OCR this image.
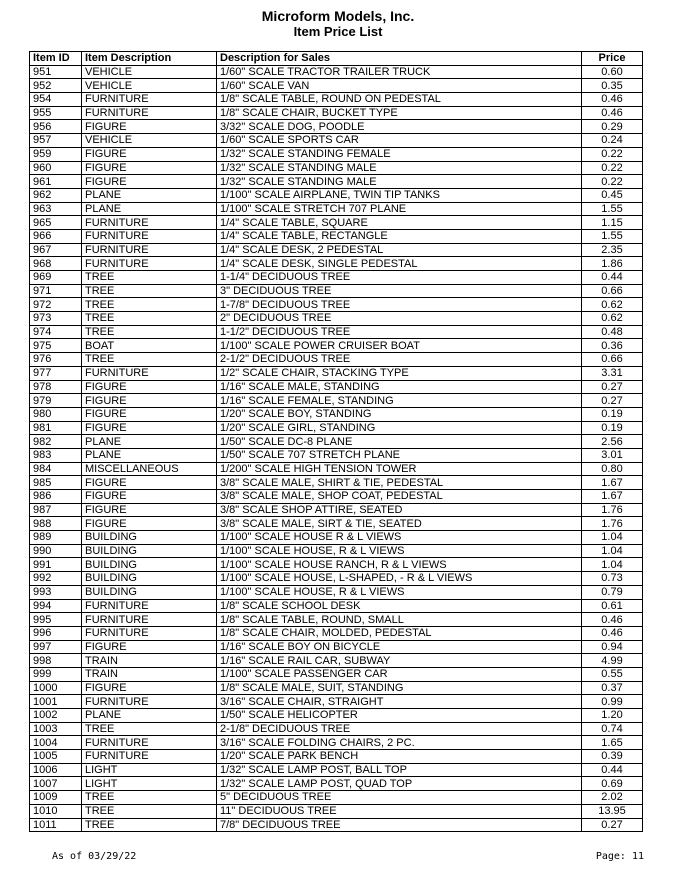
Microform Models, Inc.
Item Price List
Item ID	Item Description	Description for Sales	Price
951	VEHICLE	1/60" SCALE TRACTOR TRAILER TRUCK	0.60
952	VEHICLE	1/60" SCALE VAN	0.35
954	FURNITURE	1/8" SCALE TABLE, ROUND ON PEDESTAL	0.46
955	FURNITURE	1/8" SCALE CHAIR, BUCKET TYPE	0.46
956	FIGURE	3/32" SCALE DOG, POODLE	0.29
957	VEHICLE	1/60" SCALE SPORTS CAR	0.24
959	FIGURE	1/32" SCALE STANDING FEMALE	0.22
960	FIGURE	1/32" SCALE STANDING MALE	0.22
961	FIGURE	1/32" SCALE STANDING MALE	0.22
962	PLANE	1/100" SCALE AIRPLANE, TWIN TIP TANKS	0.45
963	PLANE	1/100" SCALE STRETCH 707 PLANE	1.55
965	FURNITURE	1/4" SCALE TABLE, SQUARE	1.15
966	FURNITURE	1/4" SCALE TABLE, RECTANGLE	1.55
967	FURNITURE	1/4" SCALE DESK, 2 PEDESTAL	2.35
968	FURNITURE	1/4" SCALE DESK, SINGLE PEDESTAL	1.86
969	TREE	1-1/4" DECIDUOUS TREE	0.44
971	TREE	3" DECIDUOUS TREE	0.66
972	TREE	1-7/8" DECIDUOUS TREE	0.62
973	TREE	2" DECIDUOUS TREE	0.62
974	TREE	1-1/2" DECIDUOUS TREE	0.48
975	BOAT	1/100" SCALE POWER CRUISER BOAT	0.36
976	TREE	2-1/2" DECIDUOUS TREE	0.66
977	FURNITURE	1/2" SCALE CHAIR, STACKING TYPE	3.31
978	FIGURE	1/16" SCALE MALE, STANDING	0.27
979	FIGURE	1/16" SCALE FEMALE, STANDING	0.27
980	FIGURE	1/20" SCALE BOY, STANDING	0.19
981	FIGURE	1/20" SCALE GIRL, STANDING	0.19
982	PLANE	1/50" SCALE DC-8 PLANE	2.56
983	PLANE	1/50" SCALE 707 STRETCH PLANE	3.01
984	MISCELLANEOUS	1/200" SCALE HIGH TENSION TOWER	0.80
985	FIGURE	3/8" SCALE MALE, SHIRT & TIE, PEDESTAL	1.67
986	FIGURE	3/8" SCALE MALE, SHOP COAT, PEDESTAL	1.67
987	FIGURE	3/8" SCALE SHOP ATTIRE, SEATED	1.76
988	FIGURE	3/8" SCALE MALE, SIRT & TIE, SEATED	1.76
989	BUILDING	1/100" SCALE HOUSE R & L VIEWS	1.04
990	BUILDING	1/100" SCALE HOUSE, R & L VIEWS	1.04
991	BUILDING	1/100" SCALE HOUSE RANCH, R & L VIEWS	1.04
992	BUILDING	1/100" SCALE HOUSE, L-SHAPED, - R & L VIEWS	0.73
993	BUILDING	1/100" SCALE HOUSE, R & L VIEWS	0.79
994	FURNITURE	1/8" SCALE SCHOOL DESK	0.61
995	FURNITURE	1/8" SCALE TABLE, ROUND, SMALL	0.46
996	FURNITURE	1/8" SCALE CHAIR, MOLDED, PEDESTAL	0.46
997	FIGURE	1/16" SCALE BOY ON BICYCLE	0.94
998	TRAIN	1/16" SCALE RAIL CAR, SUBWAY	4.99
999	TRAIN	1/100" SCALE PASSENGER CAR	0.55
1000	FIGURE	1/8" SCALE MALE, SUIT, STANDING	0.37
1001	FURNITURE	3/16" SCALE CHAIR, STRAIGHT	0.99
1002	PLANE	1/50" SCALE HELICOPTER	1.20
1003	TREE	2-1/8" DECIDUOUS TREE	0.74
1004	FURNITURE	3/16" SCALE FOLDING CHAIRS, 2 PC.	1.65
1005	FURNITURE	1/20" SCALE PARK BENCH	0.39
1006	LIGHT	1/32" SCALE LAMP POST, BALL TOP	0.44
1007	LIGHT	1/32" SCALE LAMP POST, QUAD TOP	0.69
1009	TREE	5" DECIDUOUS TREE	2.02
1010	TREE	11" DECIDUOUS TREE	13.95
1011	TREE	7/8" DECIDUOUS TREE	0.27
As of 03/29/22	Page: 11
